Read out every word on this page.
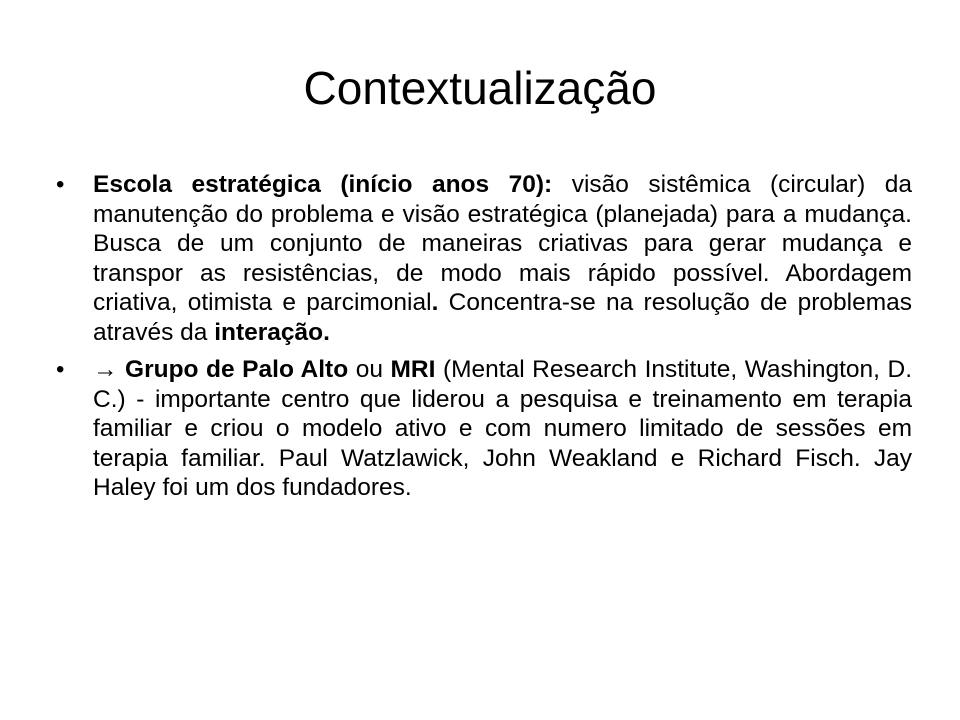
Contextualização
•	Escola estratégica (início anos 70): visão sistêmica (circular) da manutenção do problema e visão estratégica (planejada) para a mudança. Busca de um conjunto de maneiras criativas para gerar mudança e transpor as resistências, de modo mais rápido possível. Abordagem criativa, otimista e parcimonial. Concentra-se na resolução de problemas através da interação.
•	→ Grupo de Palo Alto ou MRI (Mental Research Institute, Washington, D. C.) - importante centro que liderou a pesquisa e treinamento em terapia familiar e criou o modelo ativo e com numero limitado de sessões em terapia familiar. Paul Watzlawick, John Weakland e Richard Fisch. Jay Haley foi um dos fundadores.
